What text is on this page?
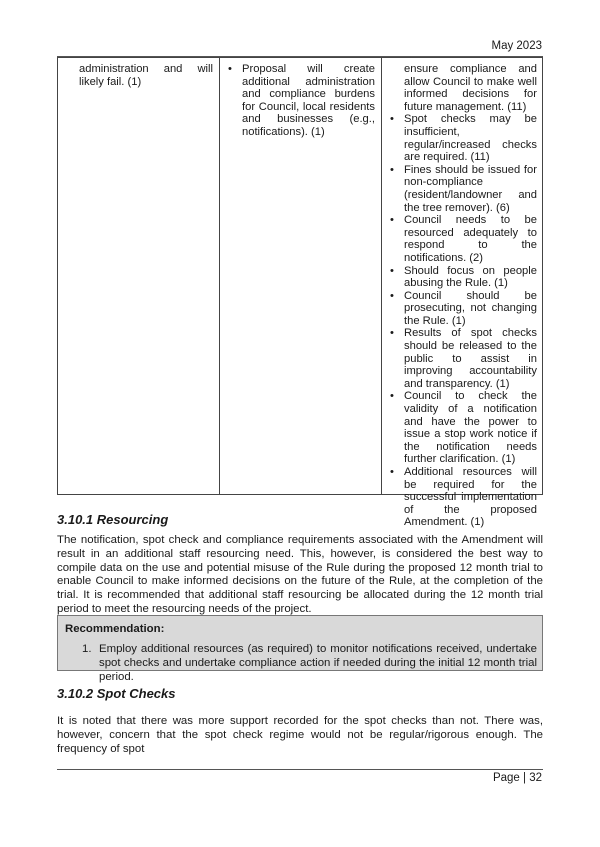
May 2023
administration and will likely fail. (1)
• Proposal will create additional administration and compliance burdens for Council, local residents and businesses (e.g., notifications). (1)
ensure compliance and allow Council to make well informed decisions for future management. (11)
• Spot checks may be insufficient, regular/increased checks are required. (11)
• Fines should be issued for non-compliance (resident/landowner and the tree remover). (6)
• Council needs to be resourced adequately to respond to the notifications. (2)
• Should focus on people abusing the Rule. (1)
• Council should be prosecuting, not changing the Rule. (1)
• Results of spot checks should be released to the public to assist in improving accountability and transparency. (1)
• Council to check the validity of a notification and have the power to issue a stop work notice if the notification needs further clarification. (1)
• Additional resources will be required for the successful implementation of the proposed Amendment. (1)
3.10.1 Resourcing
The notification, spot check and compliance requirements associated with the Amendment will result in an additional staff resourcing need. This, however, is considered the best way to compile data on the use and potential misuse of the Rule during the proposed 12 month trial to enable Council to make informed decisions on the future of the Rule, at the completion of the trial. It is recommended that additional staff resourcing be allocated during the 12 month trial period to meet the resourcing needs of the project.
Recommendation:
1. Employ additional resources (as required) to monitor notifications received, undertake spot checks and undertake compliance action if needed during the initial 12 month trial period.
3.10.2 Spot Checks
It is noted that there was more support recorded for the spot checks than not. There was, however, concern that the spot check regime would not be regular/rigorous enough. The frequency of spot
Page | 32
